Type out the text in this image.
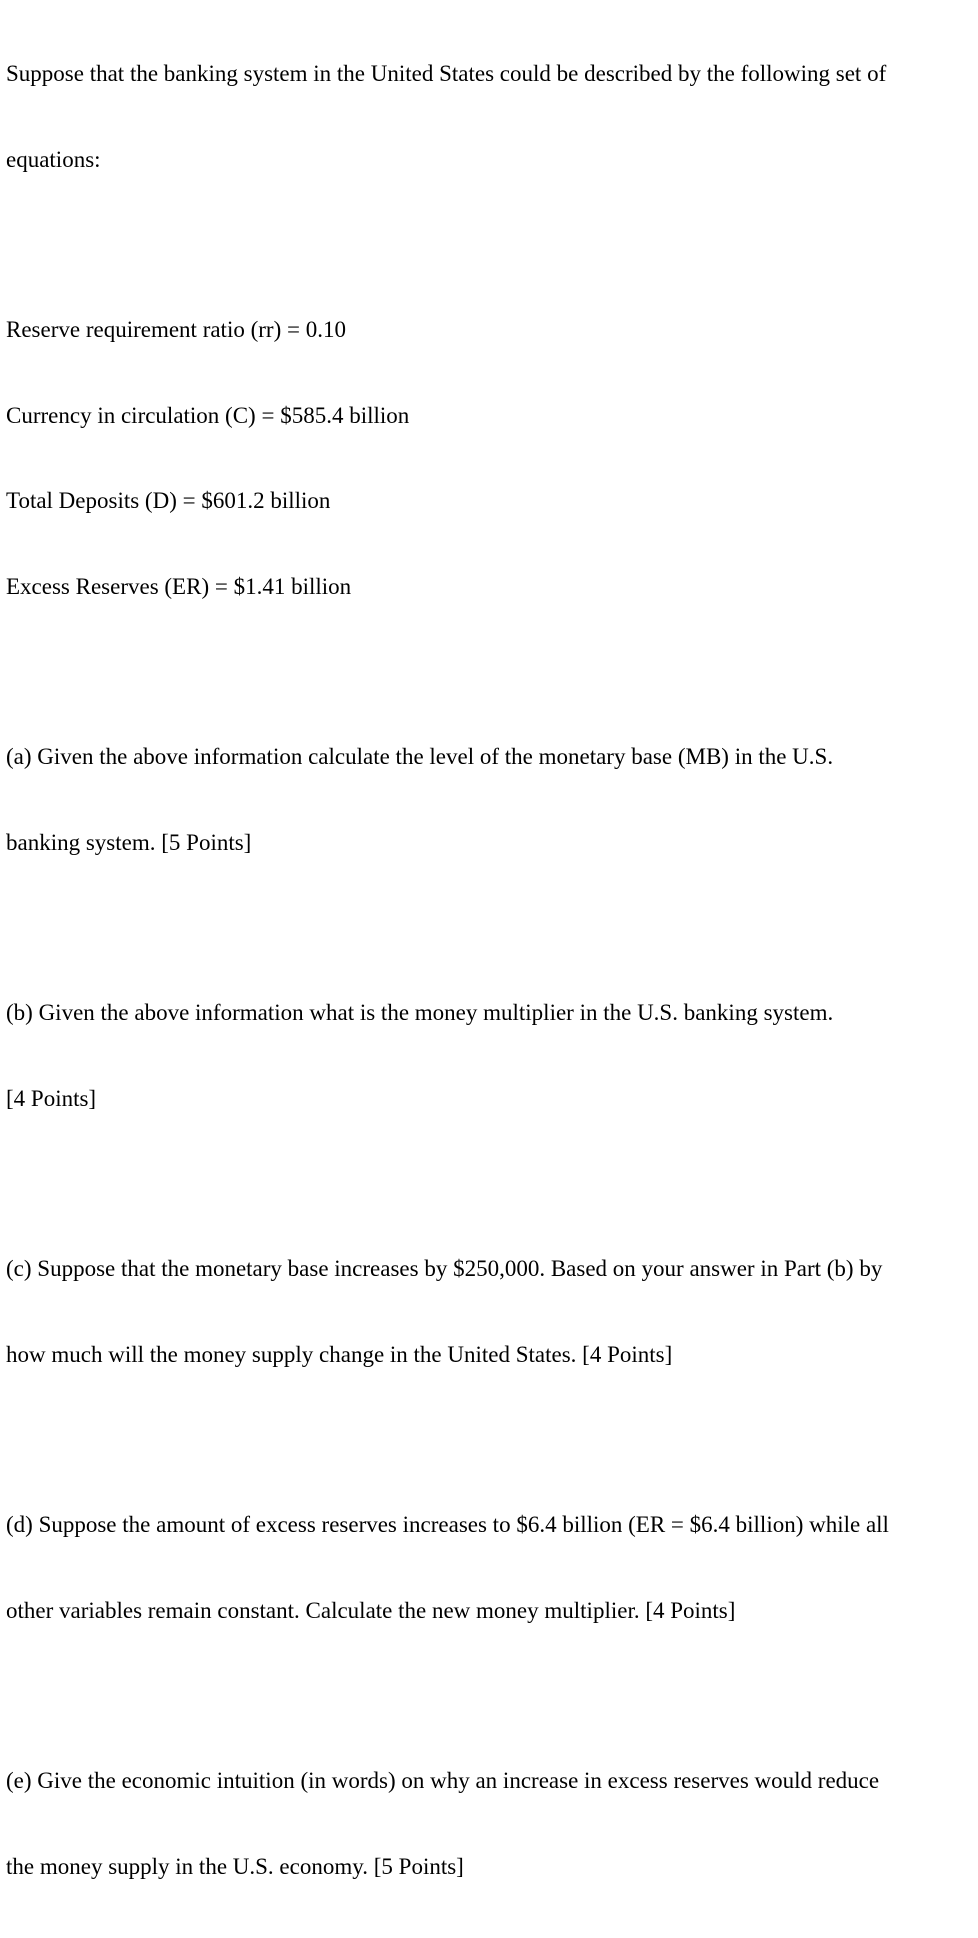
Suppose that the banking system in the United States could be described by the following set of

equations:

Reserve requirement ratio (rr) = 0.10

Currency in circulation (C) = $585.4 billion

Total Deposits (D) = $601.2 billion

Excess Reserves (ER) = $1.41 billion

(a) Given the above information calculate the level of the monetary base (MB) in the U.S.

banking system. [5 Points]

(b) Given the above information what is the money multiplier in the U.S. banking system.

[4 Points]

(c) Suppose that the monetary base increases by $250,000. Based on your answer in Part (b) by

how much will the money supply change in the United States. [4 Points]

(d) Suppose the amount of excess reserves increases to $6.4 billion (ER = $6.4 billion) while all

other variables remain constant. Calculate the new money multiplier. [4 Points]

(e) Give the economic intuition (in words) on why an increase in excess reserves would reduce

the money supply in the U.S. economy. [5 Points]
